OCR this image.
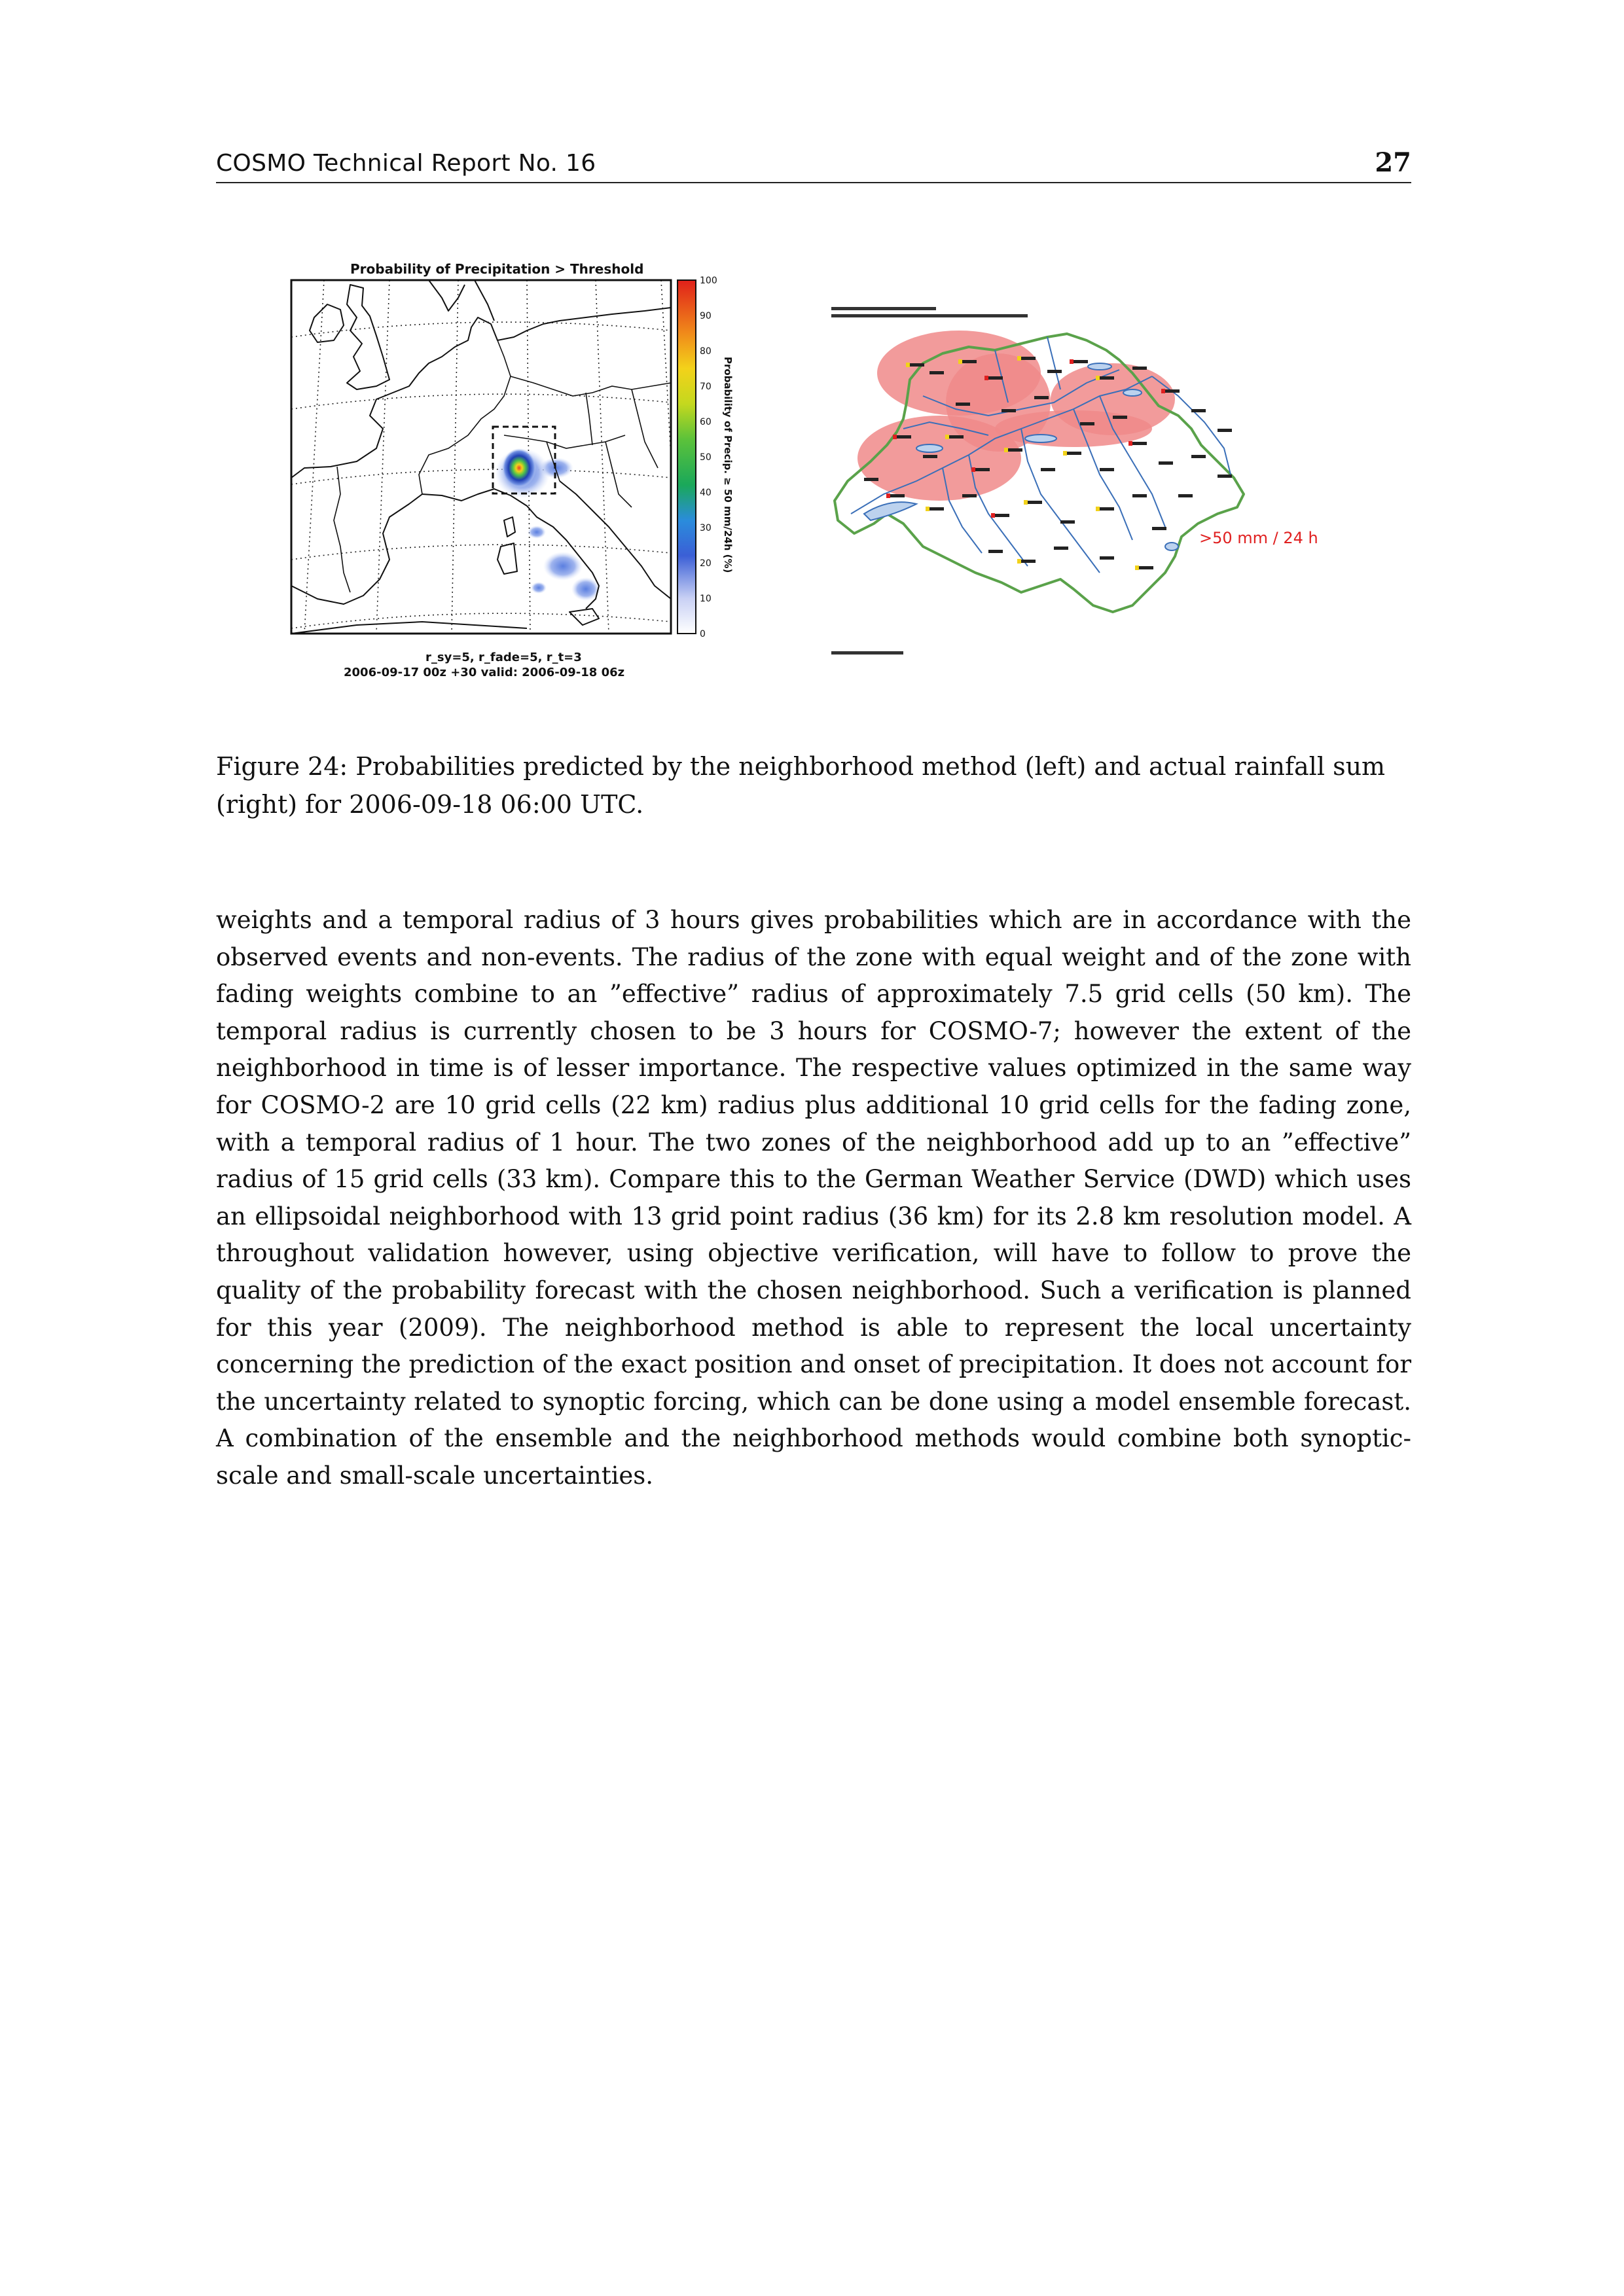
COSMO Technical Report No. 16	27
Probability of Precipitation > Threshold
100
90
80
70
60
50
40
30
20
10
0
Probability of Precip. ≥ 50 mm/24h (%)
r_sy=5, r_fade=5, r_t=3
2006-09-17 00z +30 valid: 2006-09-18 06z
>50 mm / 24 h

Figure 24: Probabilities predicted by the neighborhood method (left) and actual rainfall sum (right) for 2006-09-18 06:00 UTC.

weights and a temporal radius of 3 hours gives probabilities which are in accordance with the observed events and non-events. The radius of the zone with equal weight and of the zone with fading weights combine to an ”effective” radius of approximately 7.5 grid cells (50 km). The temporal radius is currently chosen to be 3 hours for COSMO-7; however the extent of the neighborhood in time is of lesser importance. The respective values optimized in the same way for COSMO-2 are 10 grid cells (22 km) radius plus additional 10 grid cells for the fading zone, with a temporal radius of 1 hour. The two zones of the neighborhood add up to an ”effective” radius of 15 grid cells (33 km). Compare this to the German Weather Service (DWD) which uses an ellipsoidal neighborhood with 13 grid point radius (36 km) for its 2.8 km resolution model. A throughout validation however, using objective verification, will have to follow to prove the quality of the probability forecast with the chosen neighborhood. Such a verification is planned for this year (2009). The neighborhood method is able to represent the local uncertainty concerning the prediction of the exact position and onset of precipitation. It does not account for the uncertainty related to synoptic forcing, which can be done using a model ensemble forecast. A combination of the ensemble and the neighborhood methods would combine both synoptic-scale and small-scale uncertainties.
